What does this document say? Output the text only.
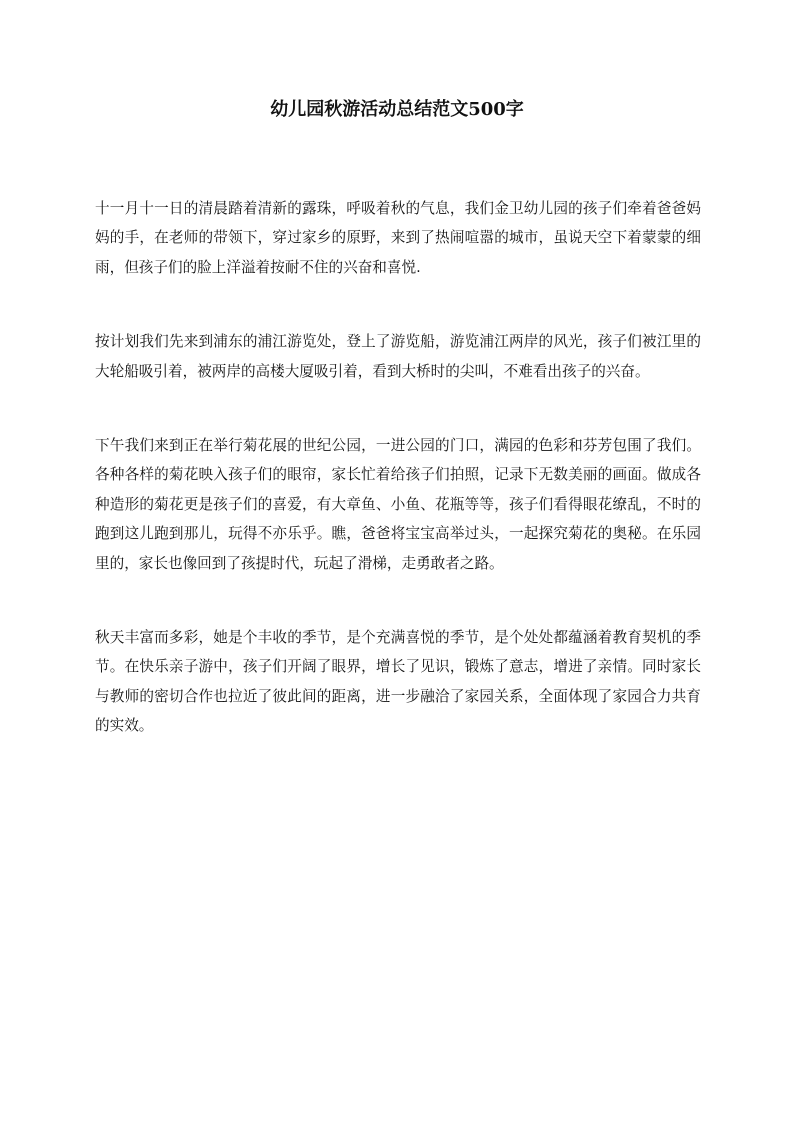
幼儿园秋游活动总结范文500字

十一月十一日的清晨踏着清新的露珠，呼吸着秋的气息，我们金卫幼儿园的孩子们牵着爸爸妈妈的手，在老师的带领下，穿过家乡的原野，来到了热闹喧嚣的城市，虽说天空下着蒙蒙的细雨，但孩子们的脸上洋溢着按耐不住的兴奋和喜悦.

按计划我们先来到浦东的浦江游览处，登上了游览船，游览浦江两岸的风光，孩子们被江里的大轮船吸引着，被两岸的高楼大厦吸引着，看到大桥时的尖叫，不难看出孩子的兴奋。

下午我们来到正在举行菊花展的世纪公园，一进公园的门口，满园的色彩和芬芳包围了我们。各种各样的菊花映入孩子们的眼帘，家长忙着给孩子们拍照，记录下无数美丽的画面。做成各种造形的菊花更是孩子们的喜爱，有大章鱼、小鱼、花瓶等等，孩子们看得眼花缭乱，不时的跑到这儿跑到那儿，玩得不亦乐乎。瞧，爸爸将宝宝高举过头，一起探究菊花的奥秘。在乐园里的，家长也像回到了孩提时代，玩起了滑梯，走勇敢者之路。

秋天丰富而多彩，她是个丰收的季节，是个充满喜悦的季节，是个处处都蕴涵着教育契机的季节。在快乐亲子游中，孩子们开阔了眼界，增长了见识，锻炼了意志，增进了亲情。同时家长与教师的密切合作也拉近了彼此间的距离，进一步融洽了家园关系，全面体现了家园合力共育的实效。
